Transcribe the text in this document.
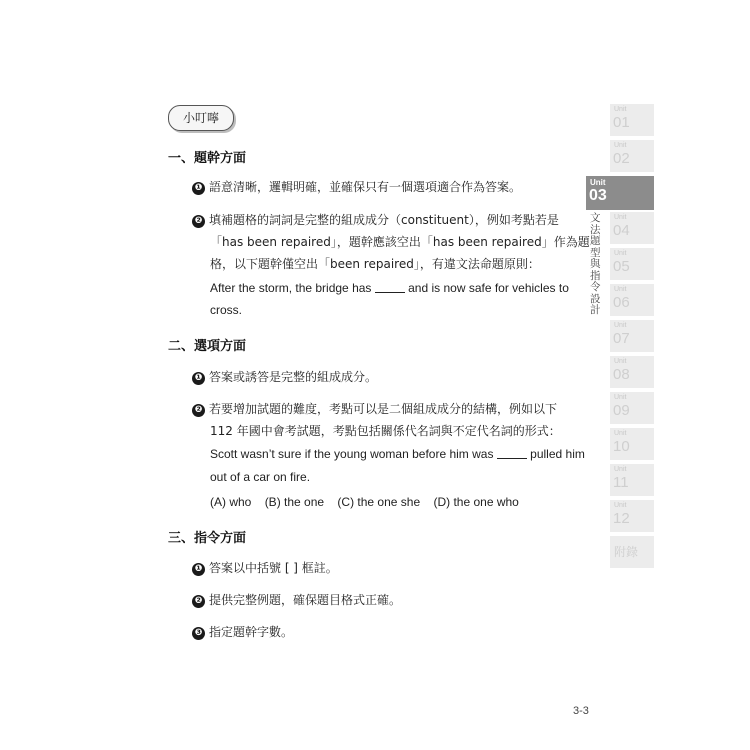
小叮嚀
一、題幹方面
❶ 語意清晰，邏輯明確，並確保只有一個選項適合作為答案。
❷ 填補題格的詞詞是完整的組成成分（constituent），例如考點若是
「has been repaired」，題幹應該空出「has been repaired」作為題
格，以下題幹僅空出「been repaired」，有違文法命題原則：
After the storm, the bridge has	and is now safe for vehicles to
cross.
二、選項方面
❶ 答案或誘答是完整的組成成分。
❷ 若要增加試題的難度，考點可以是二個組成成分的結構，例如以下
112 年國中會考試題，考點包括關係代名詞與不定代名詞的形式：
Scott wasn’t sure if the young woman before him was	pulled him
out of a car on fire.
(A) who (B) the one (C) the one she (D) the one who
三、指令方面
❶ 答案以中括號 [ ] 框註。
❷ 提供完整例題，確保題目格式正確。
❸ 指定題幹字數。
Unit
01
Unit
02
Unit
04
Unit
05
Unit
06
Unit
07
Unit
08
Unit
09
Unit
10
Unit
11
Unit
12
Unit
03
文法題型與指令設計
附錄
3-3
